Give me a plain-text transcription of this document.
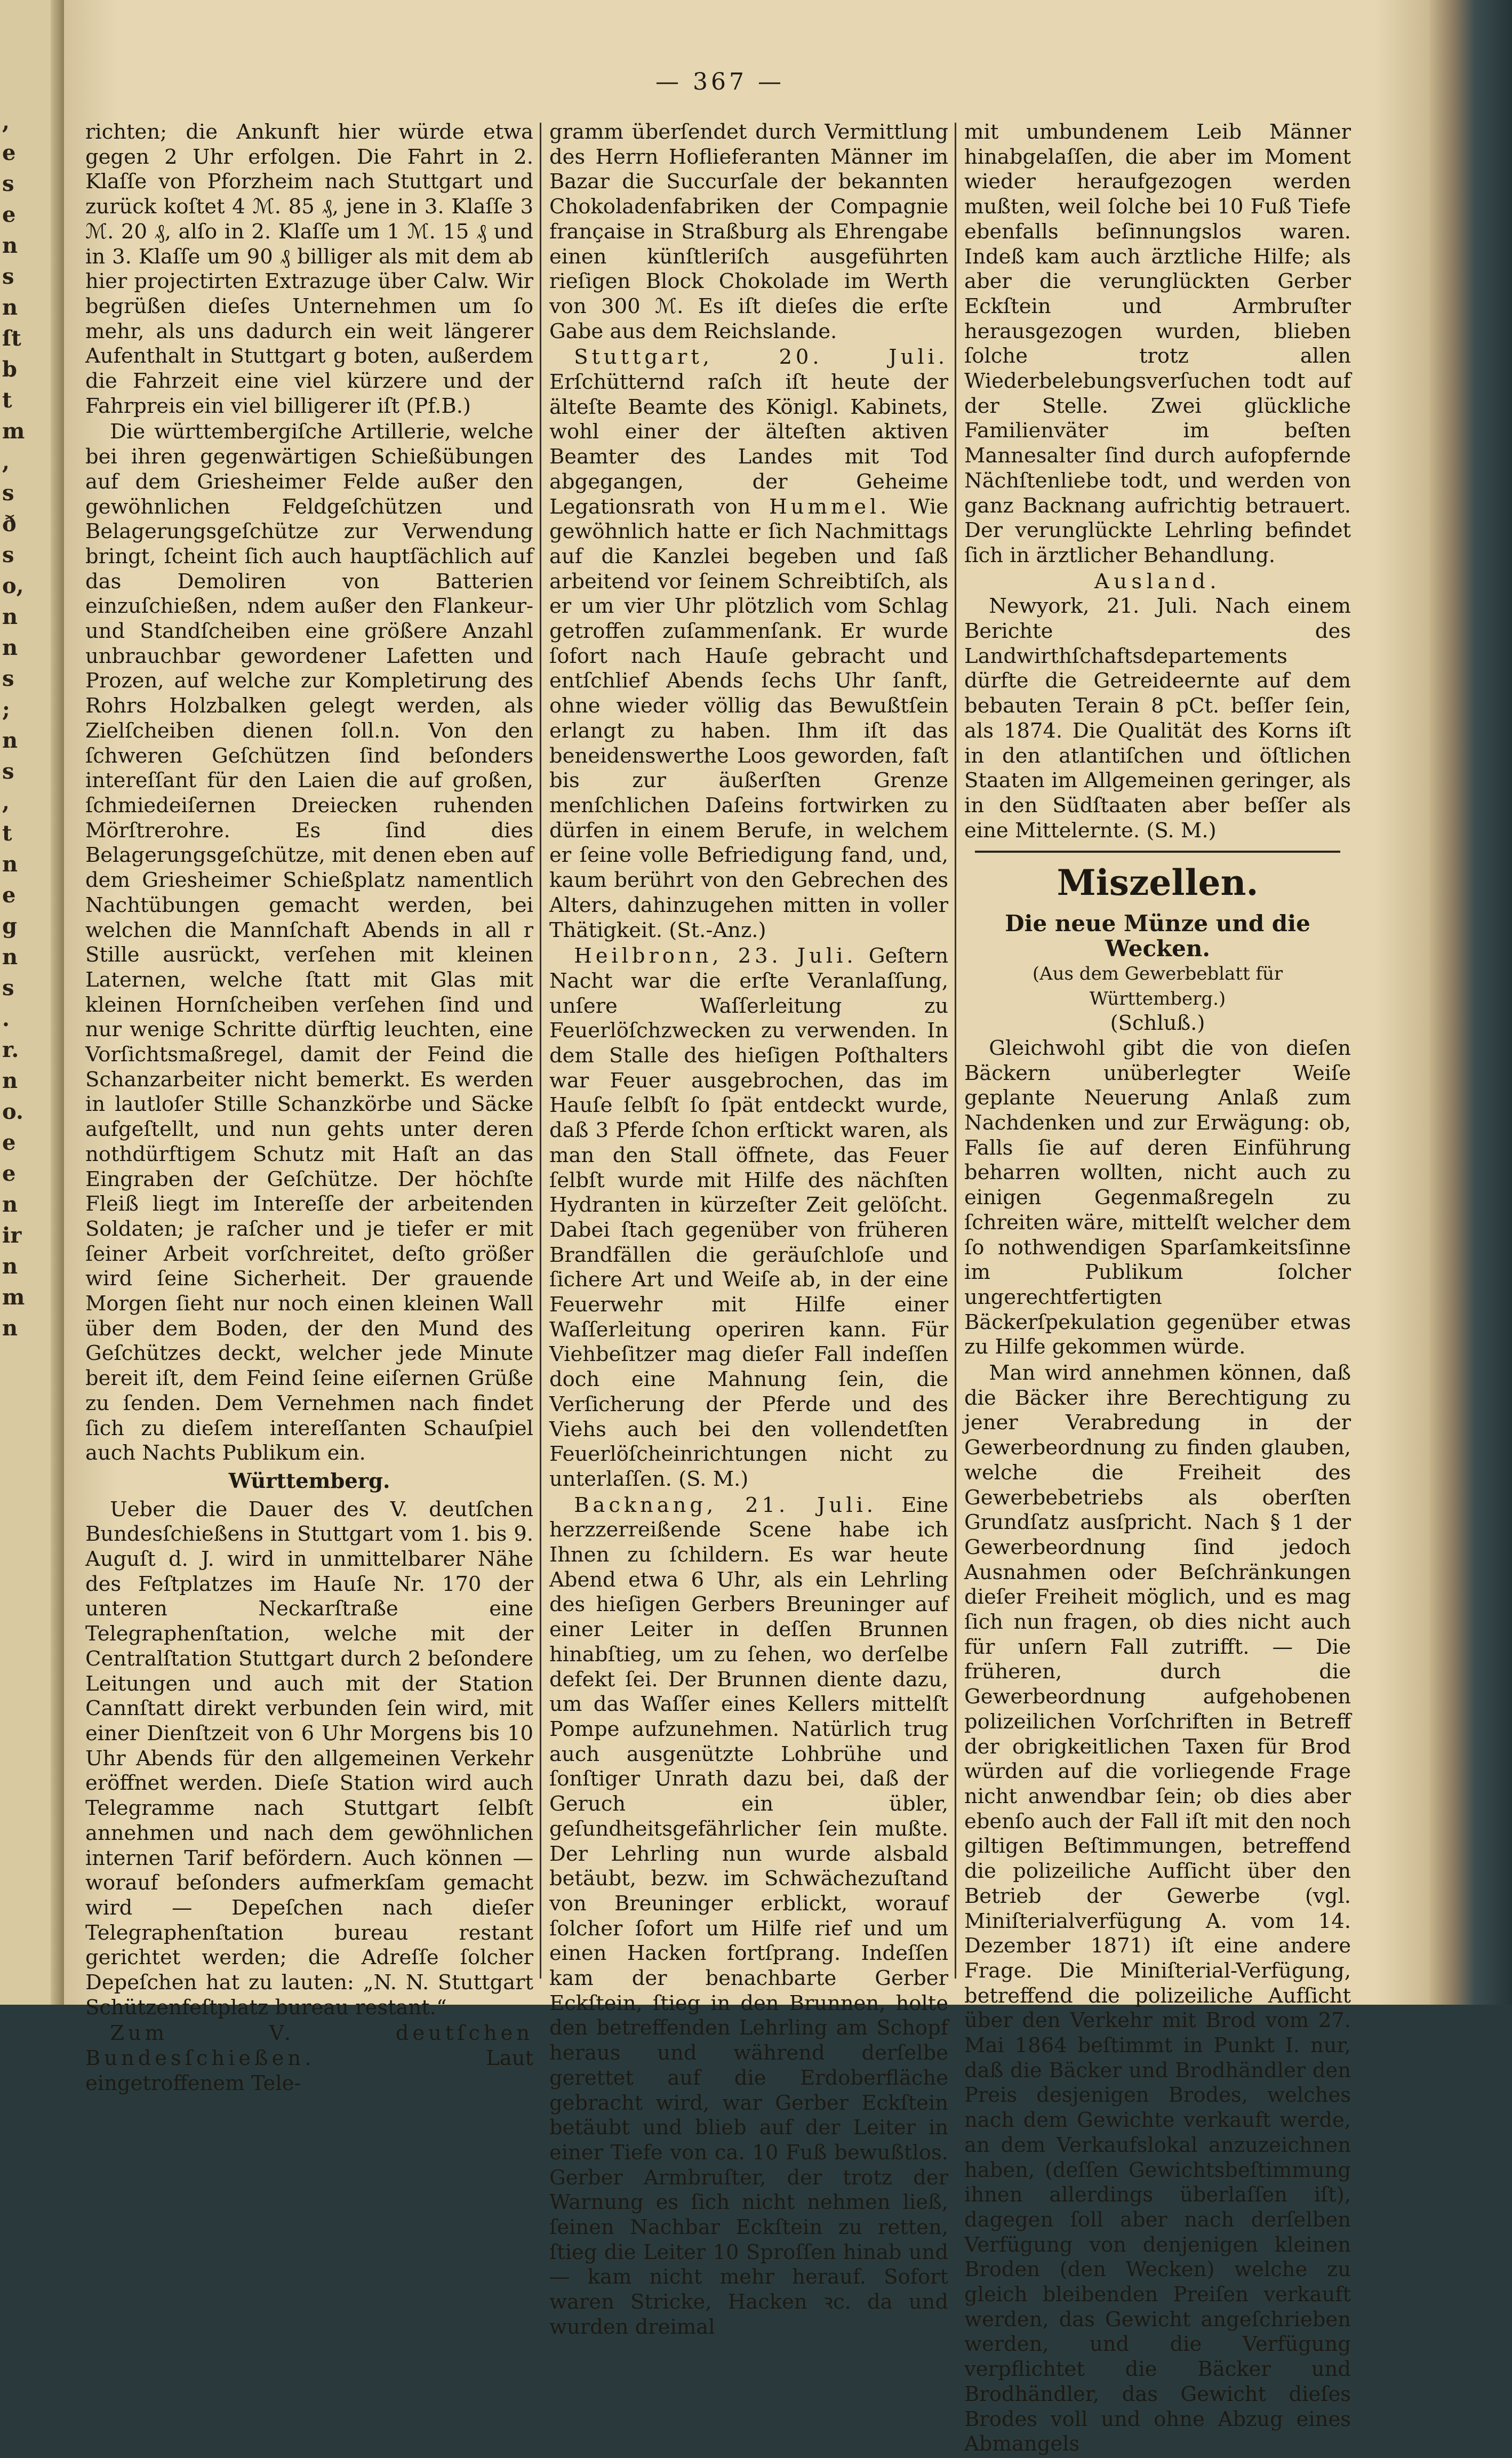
,
e
s
e
n
s
n
ſt
b
t
m
,
s
ð
s
o,
n
n
s
;
n
s
,
t
n
e
g
n
s
.
r.
n
o.
e
e
n
ir
n
m
n
— 367 —

richten; die Ankunft hier würde etwa gegen 2 Uhr erfolgen. Die Fahrt in 2. Klaſſe von Pforzheim nach Stuttgart und zurück koſtet 4 ℳ. 85 ₰, jene in 3. Klaſſe 3 ℳ. 20 ₰, alſo in 2. Klaſſe um 1 ℳ. 15 ₰ und in 3. Klaſſe um 90 ₰ billiger als mit dem ab hier projectirten Extrazuge über Calw. Wir begrüßen dieſes Unternehmen um ſo mehr, als uns dadurch ein weit längerer Aufenthalt in Stuttgart g boten, außerdem die Fahrzeit eine viel kürzere und der Fahrpreis ein viel billigerer iſt (Pf.B.)

Die württembergiſche Artillerie, welche bei ihren gegenwärtigen Schießübungen auf dem Griesheimer Felde außer den gewöhnlichen Feldgeſchützen und Belagerungsgeſchütze zur Verwendung bringt, ſcheint ſich auch hauptſächlich auf das Demoliren von Batterien einzuſchießen, ndem außer den Flankeur- und Standſcheiben eine größere Anzahl unbrauchbar gewordener Lafetten und Prozen, auf welche zur Kompletirung des Rohrs Holzbalken gelegt werden, als Zielſcheiben dienen ſoll.n. Von den ſchweren Geſchützen ſind beſonders intereſſant für den Laien die auf großen, ſchmiedeiſernen Dreiecken ruhenden Mörſtrerohre. Es ſind dies Belagerungsgeſchütze, mit denen eben auf dem Griesheimer Schießplatz namentlich Nachtübungen gemacht werden, bei welchen die Mannſchaft Abends in all r Stille ausrückt, verſehen mit kleinen Laternen, welche ſtatt mit Glas mit kleinen Hornſcheiben verſehen ſind und nur wenige Schritte dürftig leuchten, eine Vorſichtsmaßregel, damit der Feind die Schanzarbeiter nicht bemerkt. Es werden in lautloſer Stille Schanzkörbe und Säcke aufgeſtellt, und nun gehts unter deren nothdürftigem Schutz mit Haſt an das Eingraben der Geſchütze. Der höchſte Fleiß liegt im Intereſſe der arbeitenden Soldaten; je raſcher und je tiefer er mit ſeiner Arbeit vorſchreitet, deſto größer wird ſeine Sicherheit. Der grauende Morgen ſieht nur noch einen kleinen Wall über dem Boden, der den Mund des Geſchützes deckt, welcher jede Minute bereit iſt, dem Feind ſeine eiſernen Grüße zu ſenden. Dem Vernehmen nach findet ſich zu dieſem intereſſanten Schauſpiel auch Nachts Publikum ein.

Württemberg.

Ueber die Dauer des V. deutſchen Bundesſchießens in Stuttgart vom 1. bis 9. Auguſt d. J. wird in unmittelbarer Nähe des Feſtplatzes im Hauſe Nr. 170 der unteren Neckarſtraße eine Telegraphenſtation, welche mit der Centralſtation Stuttgart durch 2 beſondere Leitungen und auch mit der Station Cannſtatt direkt verbunden ſein wird, mit einer Dienſtzeit von 6 Uhr Morgens bis 10 Uhr Abends für den allgemeinen Verkehr eröffnet werden. Dieſe Station wird auch Telegramme nach Stuttgart ſelbſt annehmen und nach dem gewöhnlichen internen Tarif befördern. Auch können — worauf beſonders aufmerkſam gemacht wird — Depeſchen nach dieſer Telegraphenſtation bureau restant gerichtet werden; die Adreſſe ſolcher Depeſchen hat zu lauten: „N. N. Stuttgart Schützenfeſtplatz bureau restant.“

Zum V. deutſchen Bundesſchießen.	Laut eingetroffenem Tele-

gramm überſendet durch Vermittlung des Herrn Hoflieferanten Männer im Bazar die Succurſale der bekannten Chokoladenfabriken der Compagnie française in Straßburg als Ehrengabe einen künſtleriſch ausgeführten rieſigen Block Chokolade im Werth von 300 ℳ. Es iſt dieſes die erſte Gabe aus dem Reichslande.

Stuttgart, 20. Juli. Erſchütternd raſch iſt heute der älteſte Beamte des Königl. Kabinets, wohl einer der älteſten aktiven Beamter des Landes mit Tod abgegangen, der Geheime Legationsrath von Hummel. Wie gewöhnlich hatte er ſich Nachmittags auf die Kanzlei begeben und ſaß arbeitend vor ſeinem Schreibtiſch, als er um vier Uhr plötzlich vom Schlag getroffen zuſammenſank. Er wurde ſofort nach Hauſe gebracht und entſchlief Abends ſechs Uhr ſanft, ohne wieder völlig das Bewußtſein erlangt zu haben. Ihm iſt das beneidenswerthe Loos geworden, faſt bis zur äußerſten Grenze menſchlichen Daſeins fortwirken zu dürfen in einem Berufe, in welchem er ſeine volle Befriedigung fand, und, kaum berührt von den Gebrechen des Alters, dahinzugehen mitten in voller Thätigkeit. (St.-Anz.)

Heilbronn, 23. Juli. Geſtern Nacht war die erſte Veranlaſſung, unſere Waſſerleitung zu Feuerlöſchzwecken zu verwenden. In dem Stalle des hieſigen Poſthalters war Feuer ausgebrochen, das im Hauſe ſelbſt ſo ſpät entdeckt wurde, daß 3 Pferde ſchon erſtickt waren, als man den Stall öffnete, das Feuer ſelbſt wurde mit Hilfe des nächſten Hydranten in kürzeſter Zeit gelöſcht. Dabei ſtach gegenüber von früheren Brandfällen die geräuſchloſe und ſichere Art und Weiſe ab, in der eine Feuerwehr mit Hilfe einer Waſſerleitung operiren kann. Für Viehbeſitzer mag dieſer Fall indeſſen doch eine Mahnung ſein, die Verſicherung der Pferde und des Viehs auch bei den vollendetſten Feuerlöſcheinrichtungen nicht zu unterlaſſen. (S. M.)

Backnang, 21. Juli. Eine herzzerreißende Scene habe ich Ihnen zu ſchildern. Es war heute Abend etwa 6 Uhr, als ein Lehrling des hieſigen Gerbers Breuninger auf einer Leiter in deſſen Brunnen hinabſtieg, um zu ſehen, wo derſelbe defekt ſei. Der Brunnen diente dazu, um das Waſſer eines Kellers mittelſt Pompe aufzunehmen. Natürlich trug auch ausgenützte Lohbrühe und ſonſtiger Unrath dazu bei, daß der Geruch ein übler, geſundheitsgefährlicher ſein mußte. Der Lehrling nun wurde alsbald betäubt, bezw. im Schwächezuſtand von Breuninger erblickt, worauf ſolcher ſofort um Hilfe rief und um einen Hacken fortſprang. Indeſſen kam der benachbarte Gerber Eckſtein, ſtieg in den Brunnen, holte den betreffenden Lehrling am Schopf heraus und während derſelbe gerettet auf die Erdoberfläche gebracht wird, war Gerber Eckſtein betäubt und blieb auf der Leiter in einer Tiefe von ca. 10 Fuß bewußtlos. Gerber Armbruſter, der trotz der Warnung es ſich nicht nehmen ließ, ſeinen Nachbar Eckſtein zu retten, ſtieg die Leiter 10 Sproſſen hinab und — kam nicht mehr herauf. Sofort waren Stricke, Hacken ꝛc. da und wurden dreimal

mit umbundenem Leib Männer hinabgelaſſen, die aber im Moment wieder heraufgezogen werden mußten, weil ſolche bei 10 Fuß Tiefe ebenfalls beſinnungslos waren. Indeß kam auch ärztliche Hilfe; als aber die verunglückten Gerber Eckſtein und Armbruſter herausgezogen wurden, blieben ſolche trotz allen Wiederbelebungsverſuchen todt auf der Stelle. Zwei glückliche Familienväter im beſten Mannesalter ſind durch aufopfernde Nächſtenliebe todt, und werden von ganz Backnang aufrichtig betrauert. Der verunglückte Lehrling befindet ſich in ärztlicher Behandlung.

Ausland.

Newyork, 21. Juli. Nach einem Berichte des Landwirthſchaftsdepartements dürfte die Getreideernte auf dem bebauten Terain 8 pCt. beſſer ſein, als 1874. Die Qualität des Korns iſt in den atlantiſchen und öſtlichen Staaten im Allgemeinen geringer, als in den Südſtaaten aber beſſer als eine Mittelernte. (S. M.)

Miszellen.
Die neue Münze und die Wecken.
(Aus dem Gewerbeblatt für Württemberg.)
(Schluß.)

Gleichwohl gibt die von dieſen Bäckern unüberlegter Weiſe geplante Neuerung Anlaß zum Nachdenken und zur Erwägung: ob, Falls ſie auf deren Einführung beharren wollten, nicht auch zu einigen Gegenmaßregeln zu ſchreiten wäre, mittelſt welcher dem ſo nothwendigen Sparſamkeitsſinne im Publikum ſolcher ungerechtfertigten Bäckerſpekulation gegenüber etwas zu Hilfe gekommen würde.

Man wird annehmen können, daß die Bäcker ihre Berechtigung zu jener Verabredung in der Gewerbeordnung zu finden glauben, welche die Freiheit des Gewerbebetriebs als oberſten Grundſatz ausſpricht. Nach § 1 der Gewerbeordnung ſind jedoch Ausnahmen oder Beſchränkungen dieſer Freiheit möglich, und es mag ſich nun fragen, ob dies nicht auch für unſern Fall zutrifft. — Die früheren, durch die Gewerbeordnung aufgehobenen polizeilichen Vorſchriften in Betreff der obrigkeitlichen Taxen für Brod würden auf die vorliegende Frage nicht anwendbar ſein; ob dies aber ebenſo auch der Fall iſt mit den noch giltigen Beſtimmungen, betreffend die polizeiliche Aufſicht über den Betrieb der Gewerbe (vgl. Miniſterialverfügung A. vom 14. Dezember 1871) iſt eine andere Frage. Die Miniſterial-Verfügung, betreffend die polizeiliche Aufſicht über den Verkehr mit Brod vom 27. Mai 1864 beſtimmt in Punkt I. nur, daß die Bäcker und Brodhändler den Preis desjenigen Brodes, welches nach dem Gewichte verkauft werde, an dem Verkaufslokal anzuzeichnen haben, (deſſen Gewichtsbeſtimmung ihnen allerdings überlaſſen iſt), dagegen ſoll aber nach derſelben Verfügung von denjenigen kleinen Broden (den Wecken) welche zu gleich bleibenden Preiſen verkauft werden, das Gewicht angeſchrieben werden, und die Verfügung verpflichtet die Bäcker und Brodhändler, das Gewicht dieſes Brodes voll und ohne Abzug eines Abmangels
